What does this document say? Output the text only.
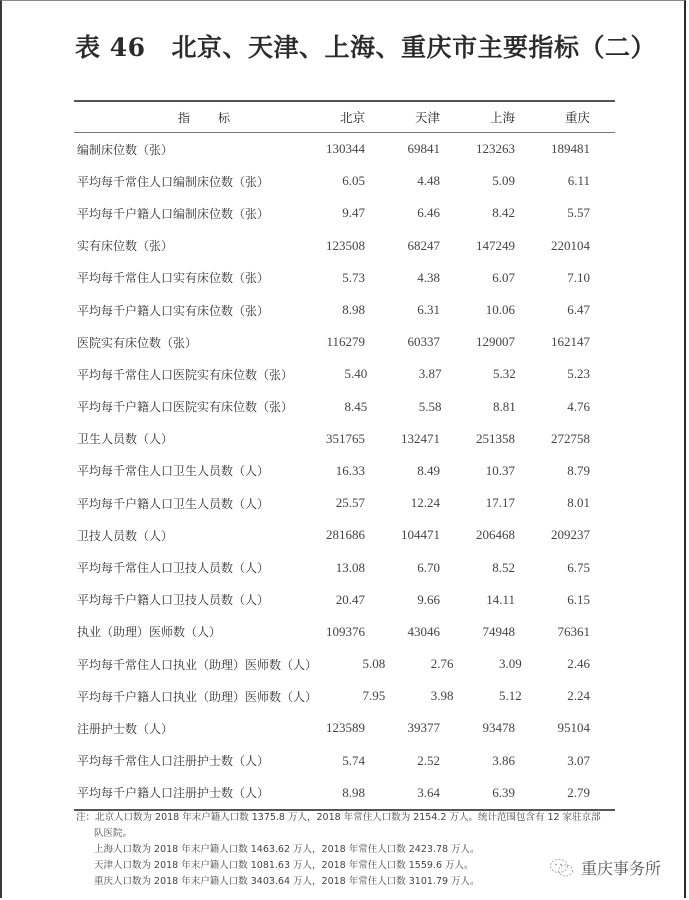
表 46 北京、天津、上海、重庆市主要指标（二）
指 标	北京	天津	上海	重庆
编制床位数（张）	130344	69841	123263	189481
平均每千常住人口编制床位数（张）	6.05	4.48	5.09	6.11
平均每千户籍人口编制床位数（张）	9.47	6.46	8.42	5.57
实有床位数（张）	123508	68247	147249	220104
平均每千常住人口实有床位数（张）	5.73	4.38	6.07	7.10
平均每千户籍人口实有床位数（张）	8.98	6.31	10.06	6.47
医院实有床位数（张）	116279	60337	129007	162147
平均每千常住人口医院实有床位数（张）	5.40	3.87	5.32	5.23
平均每千户籍人口医院实有床位数（张）	8.45	5.58	8.81	4.76
卫生人员数（人）	351765	132471	251358	272758
平均每千常住人口卫生人员数（人）	16.33	8.49	10.37	8.79
平均每千户籍人口卫生人员数（人）	25.57	12.24	17.17	8.01
卫技人员数（人）	281686	104471	206468	209237
平均每千常住人口卫技人员数（人）	13.08	6.70	8.52	6.75
平均每千户籍人口卫技人员数（人）	20.47	9.66	14.11	6.15
执业（助理）医师数（人）	109376	43046	74948	76361
平均每千常住人口执业（助理）医师数（人）	5.08	2.76	3.09	2.46
平均每千户籍人口执业（助理）医师数（人）	7.95	3.98	5.12	2.24
注册护士数（人）	123589	39377	93478	95104
平均每千常住人口注册护士数（人）	5.74	2.52	3.86	3.07
平均每千户籍人口注册护士数（人）	8.98	3.64	6.39	2.79
注：北京人口数为 2018 年末户籍人口数 1375.8 万人，2018 年常住人口数为 2154.2 万人。统计范围包含有 12 家驻京部
队医院。
上海人口数为 2018 年末户籍人口数 1463.62 万人，2018 年常住人口数 2423.78 万人。
天津人口数为 2018 年末户籍人口数 1081.63 万人，2018 年常住人口数 1559.6 万人。
重庆人口数为 2018 年末户籍人口数 3403.64 万人，2018 年常住人口数 3101.79 万人。
重庆事务所
